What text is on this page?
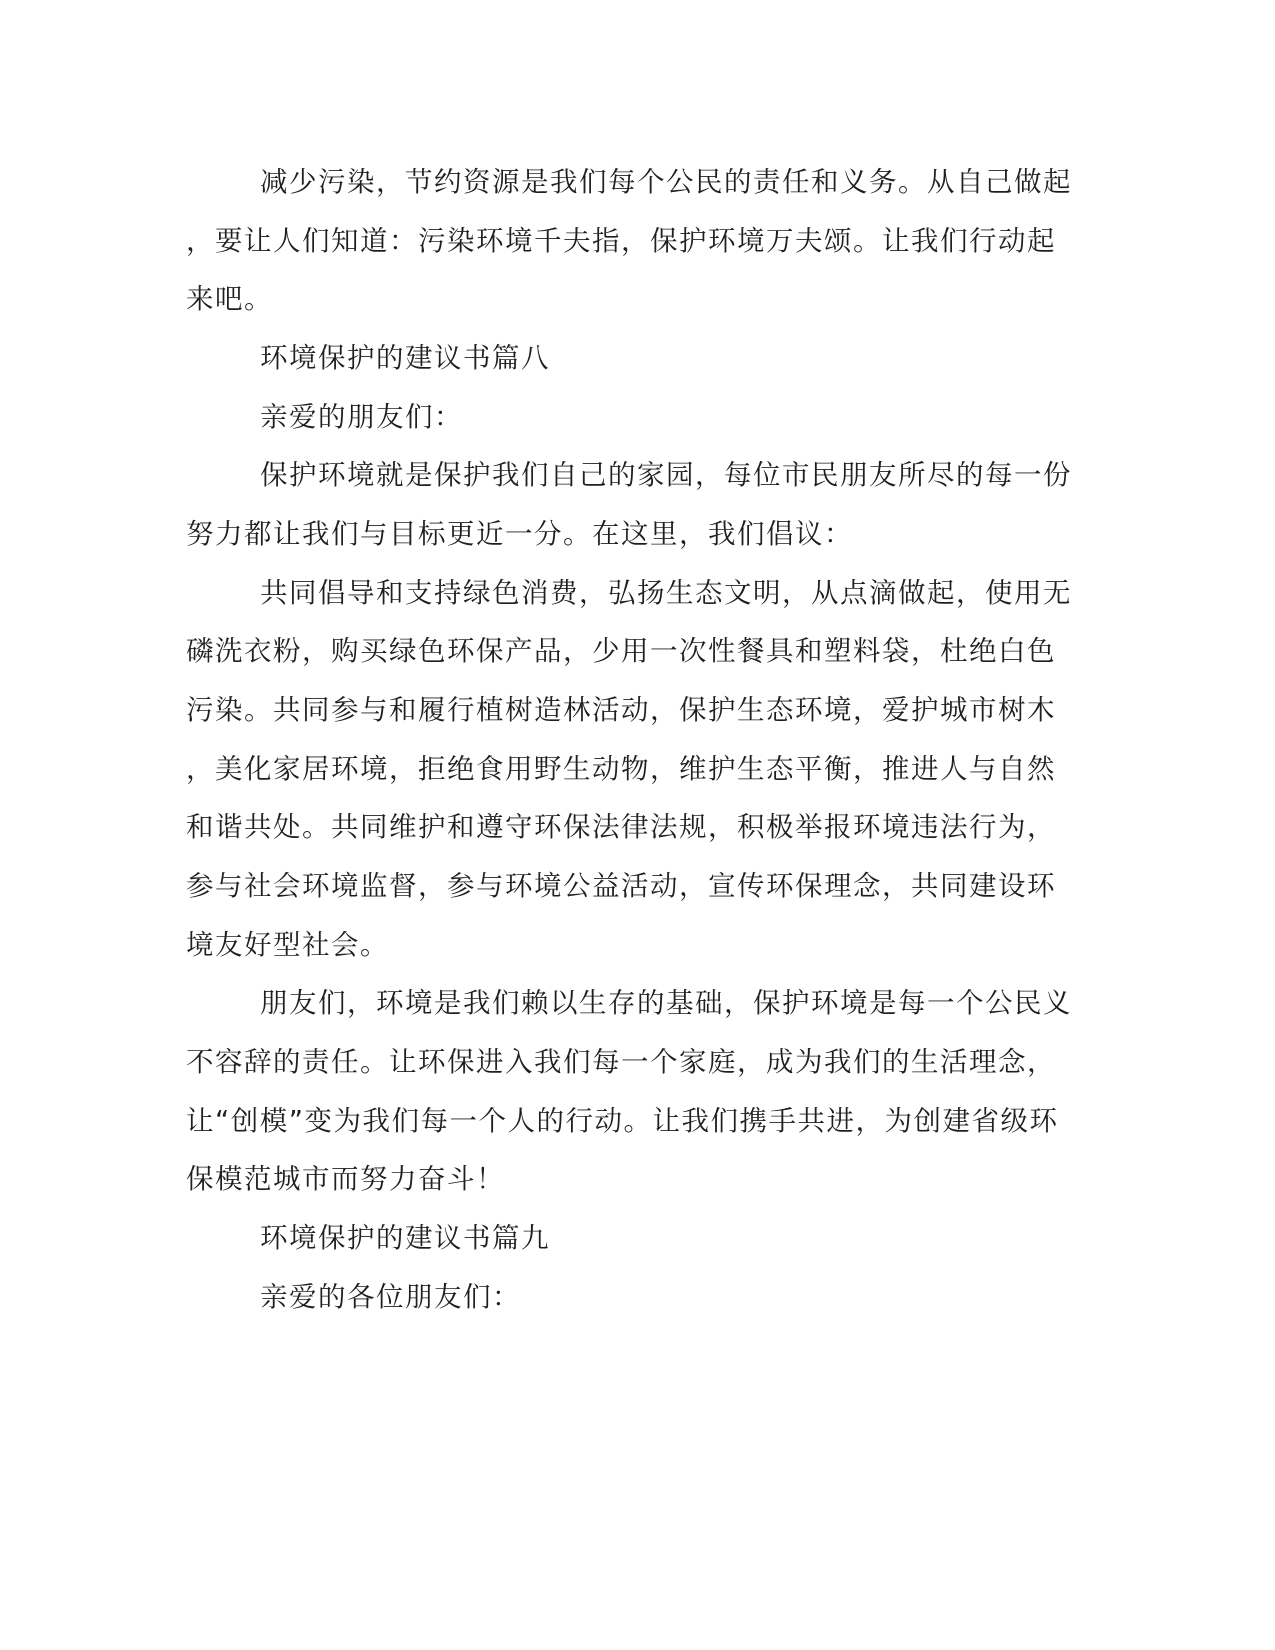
减少污染，节约资源是我们每个公民的责任和义务。从自己做起

，要让人们知道：污染环境千夫指，保护环境万夫颂。让我们行动起

来吧。

环境保护的建议书篇八

亲爱的朋友们：

保护环境就是保护我们自己的家园，每位市民朋友所尽的每一份

努力都让我们与目标更近一分。在这里，我们倡议：

共同倡导和支持绿色消费，弘扬生态文明，从点滴做起，使用无

磷洗衣粉，购买绿色环保产品，少用一次性餐具和塑料袋，杜绝白色

污染。共同参与和履行植树造林活动，保护生态环境，爱护城市树木

，美化家居环境，拒绝食用野生动物，维护生态平衡，推进人与自然

和谐共处。共同维护和遵守环保法律法规，积极举报环境违法行为，

参与社会环境监督，参与环境公益活动，宣传环保理念，共同建设环

境友好型社会。

朋友们，环境是我们赖以生存的基础，保护环境是每一个公民义

不容辞的责任。让环保进入我们每一个家庭，成为我们的生活理念，

让“创模”变为我们每一个人的行动。让我们携手共进，为创建省级环

保模范城市而努力奋斗！

环境保护的建议书篇九

亲爱的各位朋友们：
